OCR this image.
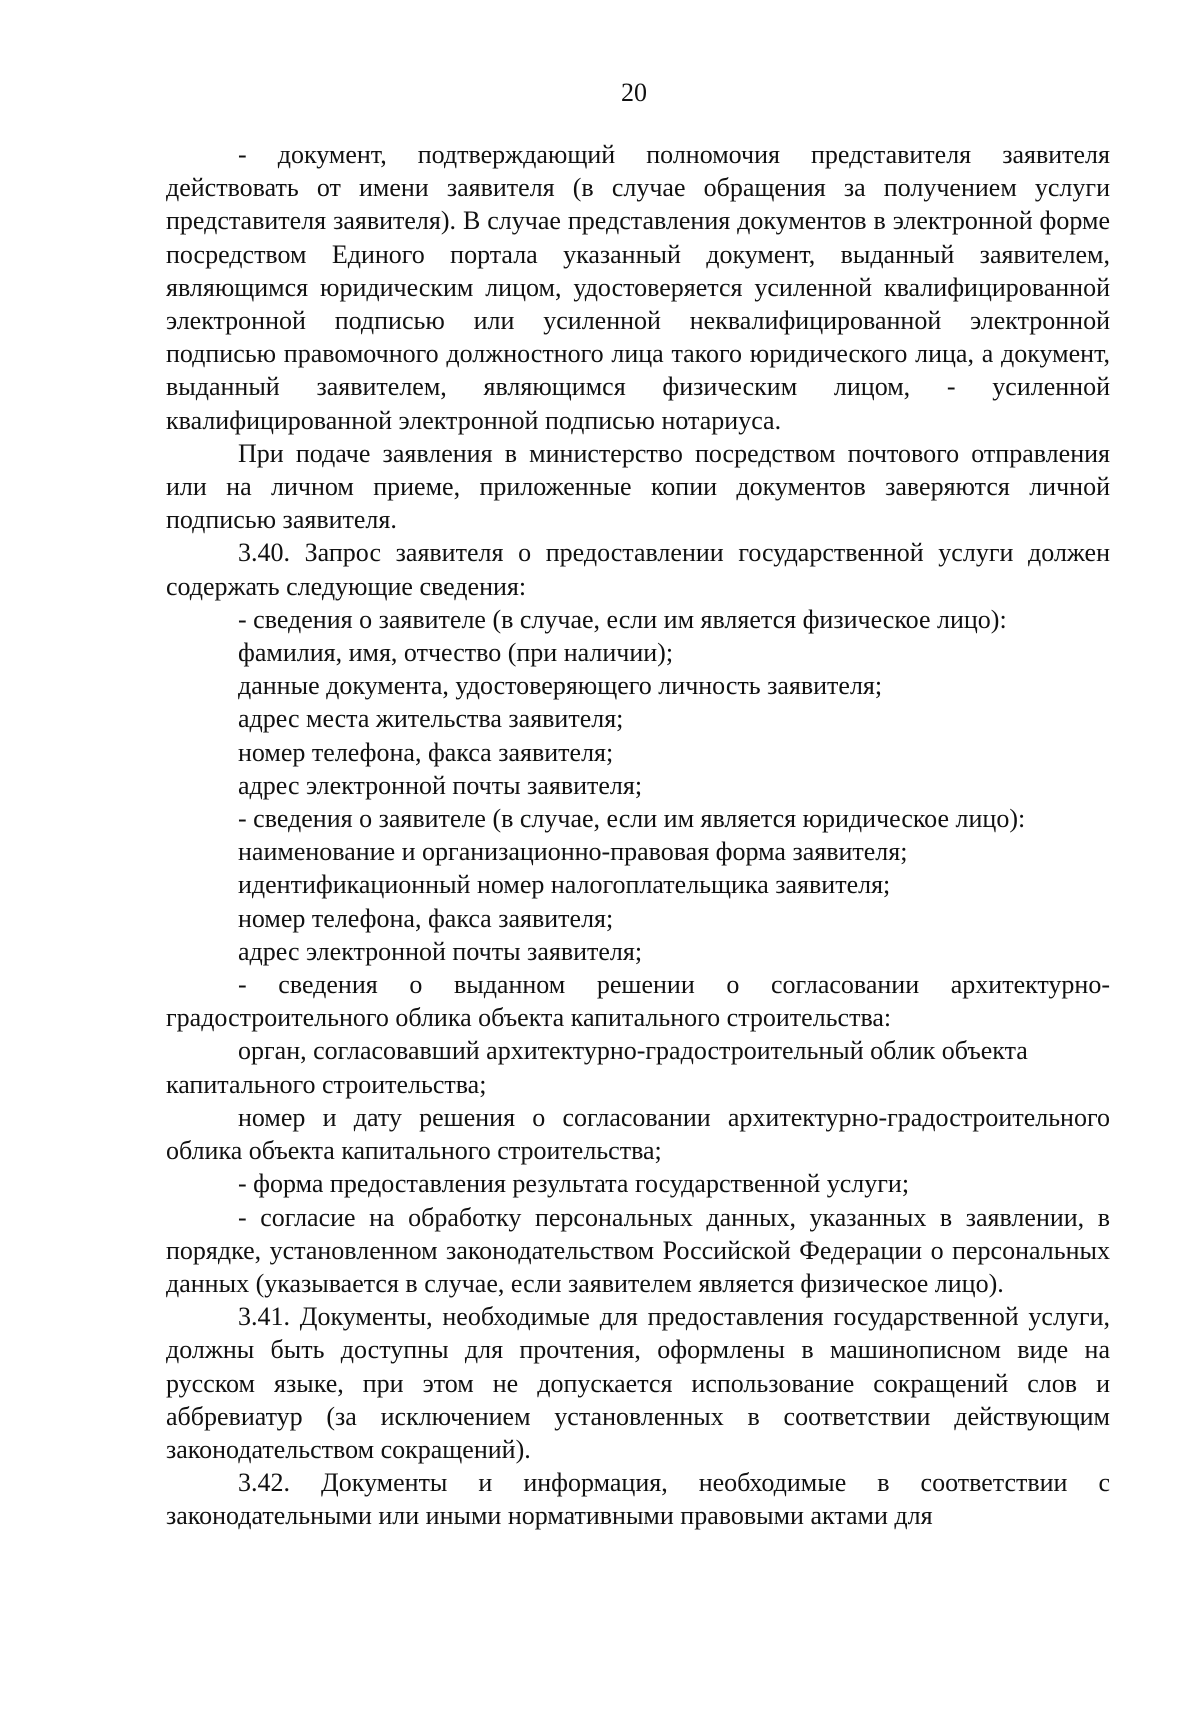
20

- документ, подтверждающий полномочия представителя заявителя действовать от имени заявителя (в случае обращения за получением услуги представителя заявителя). В случае представления документов в электронной форме посредством Единого портала указанный документ, выданный заявителем, являющимся юридическим лицом, удостоверяется усиленной квалифицированной электронной подписью или усиленной неквалифицированной электронной подписью правомочного должностного лица такого юридического лица, а документ, выданный заявителем, являющимся физическим лицом, - усиленной квалифицированной электронной подписью нотариуса.

При подаче заявления в министерство посредством почтового отправления или на личном приеме, приложенные копии документов заверяются личной подписью заявителя.

3.40. Запрос заявителя о предоставлении государственной услуги должен содержать следующие сведения:

- сведения о заявителе (в случае, если им является физическое лицо):

фамилия, имя, отчество (при наличии);

данные документа, удостоверяющего личность заявителя;

адрес места жительства заявителя;

номер телефона, факса заявителя;

адрес электронной почты заявителя;

- сведения о заявителе (в случае, если им является юридическое лицо):

наименование и организационно-правовая форма заявителя;

идентификационный номер налогоплательщика заявителя;

номер телефона, факса заявителя;

адрес электронной почты заявителя;

- сведения о выданном решении о согласовании архитектурно-градостроительного облика объекта капитального строительства:

орган, согласовавший архитектурно-градостроительный облик объекта капитального строительства;

номер и дату решения о согласовании архитектурно-градостроительного облика объекта капитального строительства;

- форма предоставления результата государственной услуги;

- согласие на обработку персональных данных, указанных в заявлении, в порядке, установленном законодательством Российской Федерации о персональных данных (указывается в случае, если заявителем является физическое лицо).

3.41. Документы, необходимые для предоставления государственной услуги, должны быть доступны для прочтения, оформлены в машинописном виде на русском языке, при этом не допускается использование сокращений слов и аббревиатур (за исключением установленных в соответствии действующим законодательством сокращений).

3.42. Документы и информация, необходимые в соответствии с законодательными или иными нормативными правовыми актами для
